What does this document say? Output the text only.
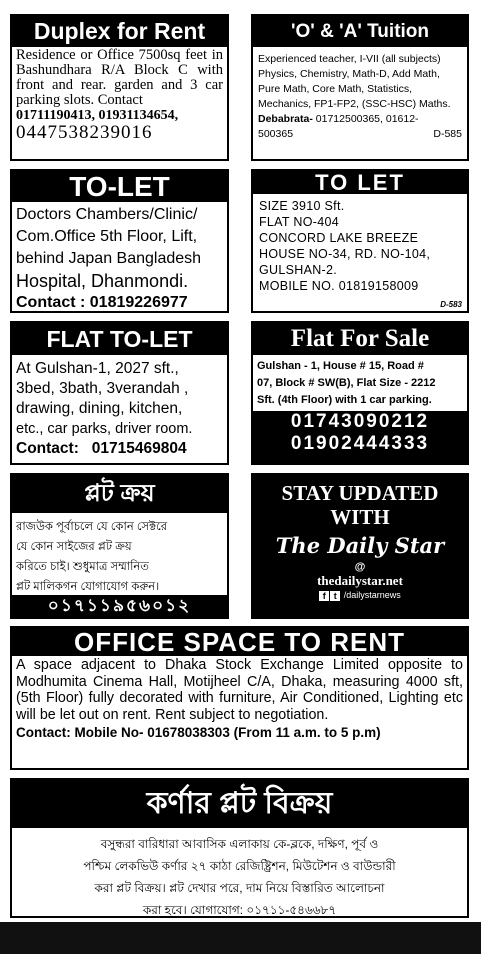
Duplex for Rent
Residence or Office 7500sq feet in Bashundhara R/A Block C with front and rear. garden and 3 car parking slots. Contact
01711190413, 01931134654,
04475382390​16
'O' & 'A' Tuition
Experienced teacher, I-VII (all subjects)
Physics, Chemistry, Math-D, Add Math,
Pure Math, Core Math, Statistics,
Mechanics, FP1-FP2, (SSC-HSC) Maths.
Debabrata- 01712500365, 01612-
500365	D-585
TO-LET
Doctors Chambers/Clinic/
Com.Office 5th Floor, Lift,
behind Japan Bangladesh
Hospital, Dhanmondi.
Contact : 01819226977
TO LET
SIZE 3910 Sft.
FLAT NO-404
CONCORD LAKE BREEZE
HOUSE NO-34, RD. NO-104,
GULSHAN-2.
MOBILE NO. 01819158009
D-583
FLAT TO-LET
At Gulshan-1, 2027 sft.,
3bed, 3bath, 3verandah ,
drawing, dining, kitchen,
etc., car parks, driver room.
Contact: 01715469804
Flat For Sale
Gulshan - 1, House # 15, Road #
07, Block # SW(B), Flat Size - 2212
Sft. (4th Floor) with 1 car parking.
01743090212
01902444333
প্লট ক্রয়
রাজউক পূর্বাচলে যে কোন সেক্টরে
যে কোন সাইজের প্লট ক্রয়
করিতে চাই। শুধুমাত্র সম্মানিত
প্লট মালিকগন যোগাযোগ করুন।
০১৭১১৯৫৬০১২
STAY UPDATED
WITH
The Daily Star
@
thedailystar.net
f t /dailystarnews
OFFICE SPACE TO RENT
A space adjacent to Dhaka Stock Exchange Limited opposite to Modhumita Cinema Hall, Motijheel C/A, Dhaka, measuring 4000 sft, (5th Floor) fully decorated with furniture, Air Conditioned, Lighting etc will be let out on rent. Rent subject to negotiation.
Contact: Mobile No- 01678038303 (From 11 a.m. to 5 p.m)
কর্ণার প্লট বিক্রয়
বসুন্ধরা বারিধারা আবাসিক এলাকায় কে-ব্লকে, দক্ষিণ, পূর্ব ও
পশ্চিম লেকভিউ কর্ণার ২৭ কাঠা রেজিষ্ট্রিশন, মিউটেশন ও বাউন্ডারী
করা প্লট বিক্রয়। প্লট দেখার পরে, দাম নিয়ে বিস্তারিত আলোচনা
করা হবে। যোগাযোগ: ০১৭১১-৫৪৬৬৮৭
